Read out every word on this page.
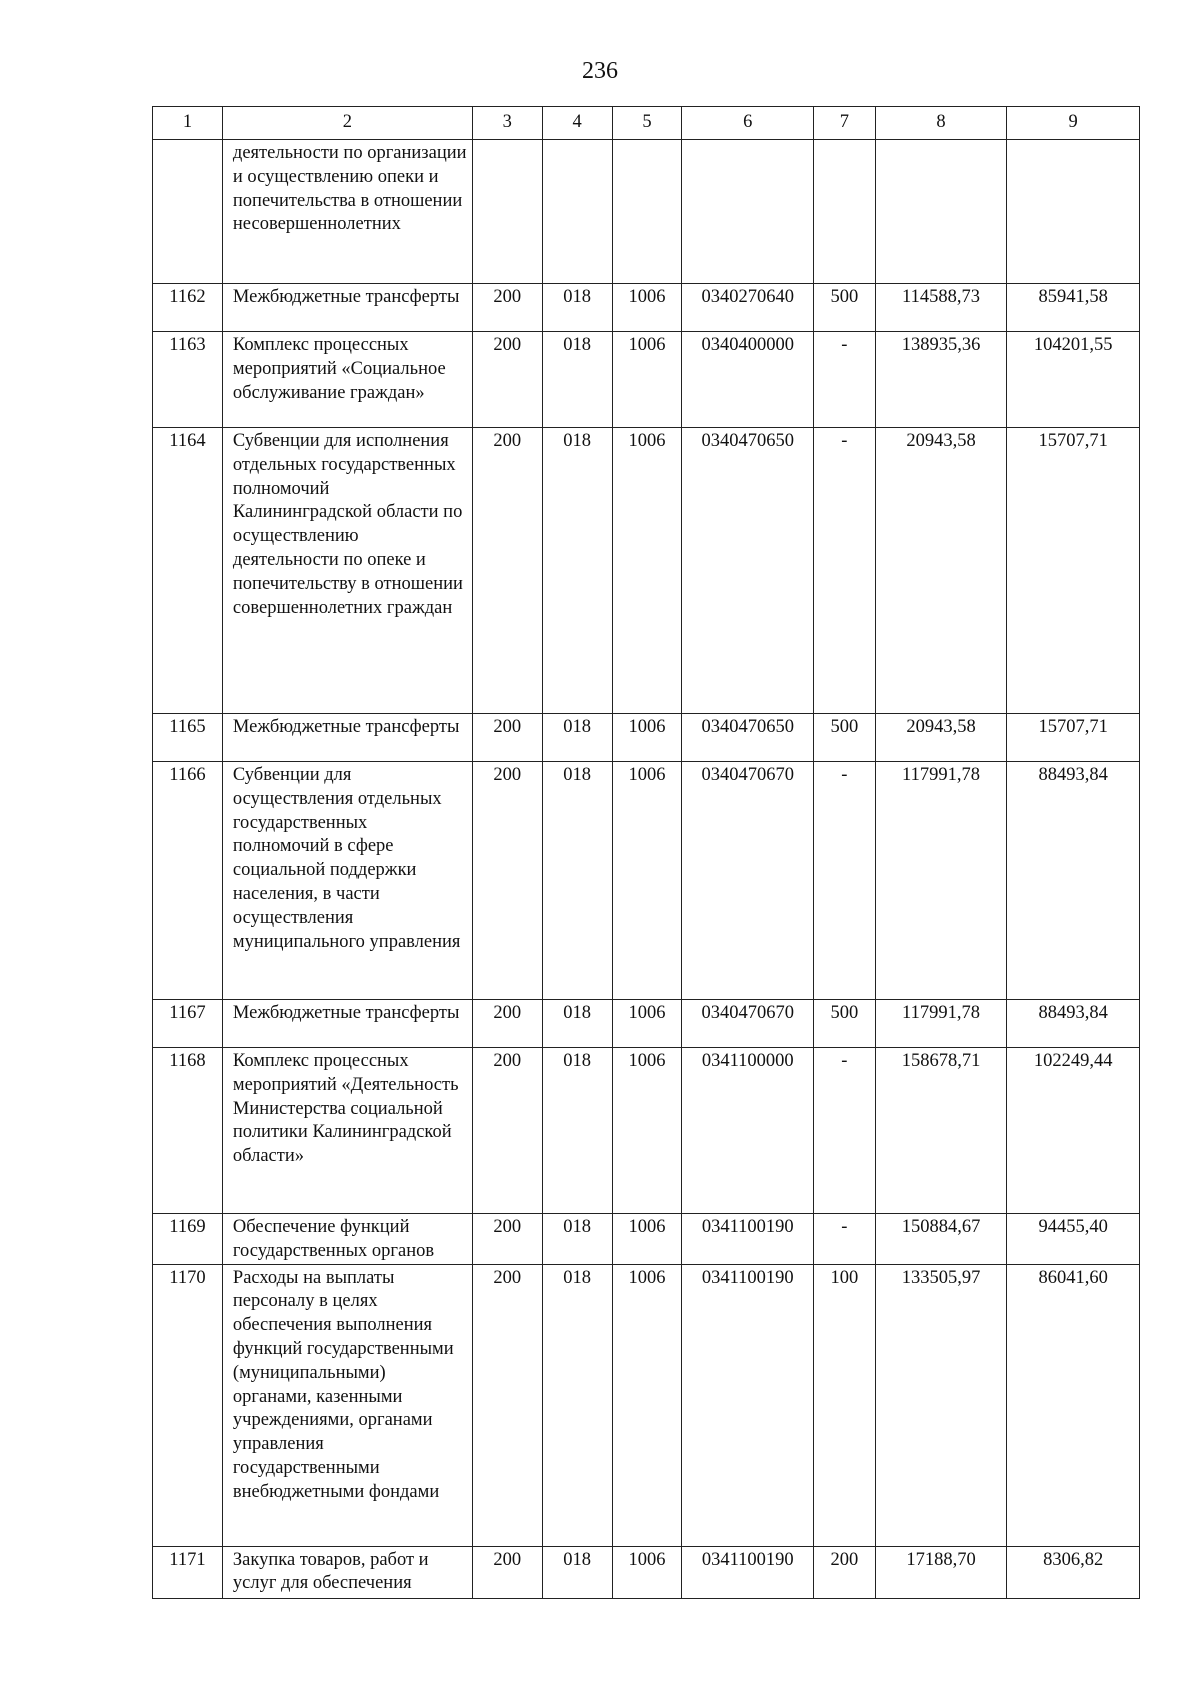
236
1	2	3	4	5	6	7	8	9
	деятельности по организации и осуществлению опеки и попечительства в отношении несовершеннолетних							
1162	Межбюджетные трансферты	200	018	1006	0340270640	500	114588,73	85941,58
1163	Комплекс процессных мероприятий «Социальное обслуживание граждан»	200	018	1006	0340400000	-	138935,36	104201,55
1164	Субвенции для исполнения отдельных государственных полномочий Калининградской области по осуществлению деятельности по опеке и попечительству в отношении совершеннолетних граждан	200	018	1006	0340470650	-	20943,58	15707,71
1165	Межбюджетные трансферты	200	018	1006	0340470650	500	20943,58	15707,71
1166	Субвенции для осуществления отдельных государственных полномочий в сфере социальной поддержки населения, в части осуществления муниципального управления	200	018	1006	0340470670	-	117991,78	88493,84
1167	Межбюджетные трансферты	200	018	1006	0340470670	500	117991,78	88493,84
1168	Комплекс процессных мероприятий «Деятельность Министерства социальной политики Калининградской области»	200	018	1006	0341100000	-	158678,71	102249,44
1169	Обеспечение функций государственных органов	200	018	1006	0341100190	-	150884,67	94455,40
1170	Расходы на выплаты персоналу в целях обеспечения выполнения функций государственными (муниципальными) органами, казенными учреждениями, органами управления государственными внебюджетными фондами	200	018	1006	0341100190	100	133505,97	86041,60
1171	Закупка товаров, работ и услуг для обеспечения	200	018	1006	0341100190	200	17188,70	8306,82
